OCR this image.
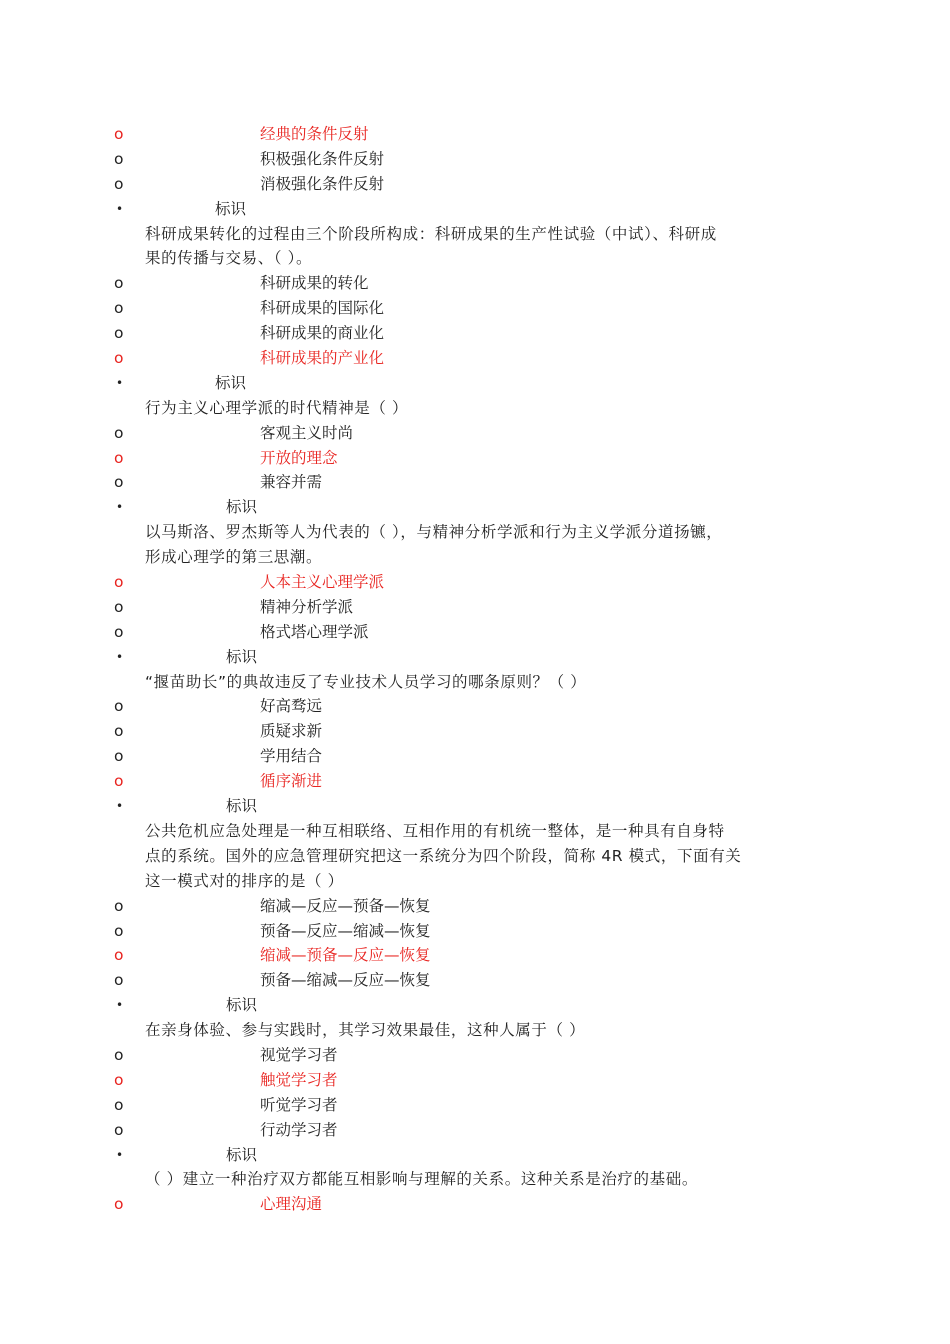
o	经典的条件反射
o	积极强化条件反射
o	消极强化条件反射
•	标识
科研成果转化的过程由三个阶段所构成：科研成果的生产性试验（中试）、科研成
果的传播与交易、（ ）。
o	科研成果的转化
o	科研成果的国际化
o	科研成果的商业化
o	科研成果的产业化
•	标识
行为主义心理学派的时代精神是（ ）
o	客观主义时尚
o	开放的理念
o	兼容并需
•	标识
以马斯洛、罗杰斯等人为代表的（ ），与精神分析学派和行为主义学派分道扬镳，
形成心理学的第三思潮。
o	人本主义心理学派
o	精神分析学派
o	格式塔心理学派
•	标识
“揠苗助长”的典故违反了专业技术人员学习的哪条原则？（ ）
o	好高骛远
o	质疑求新
o	学用结合
o	循序渐进
•	标识
公共危机应急处理是一种互相联络、互相作用的有机统一整体，是一种具有自身特
点的系统。国外的应急管理研究把这一系统分为四个阶段，简称 4R 模式，下面有关
这一模式对的排序的是（ ）
o	缩减—反应—预备—恢复
o	预备—反应—缩减—恢复
o	缩减—预备—反应—恢复
o	预备—缩减—反应—恢复
•	标识
在亲身体验、参与实践时，其学习效果最佳，这种人属于（ ）
o	视觉学习者
o	触觉学习者
o	听觉学习者
o	行动学习者
•	标识
（ ）建立一种治疗双方都能互相影响与理解的关系。这种关系是治疗的基础。
o	心理沟通
